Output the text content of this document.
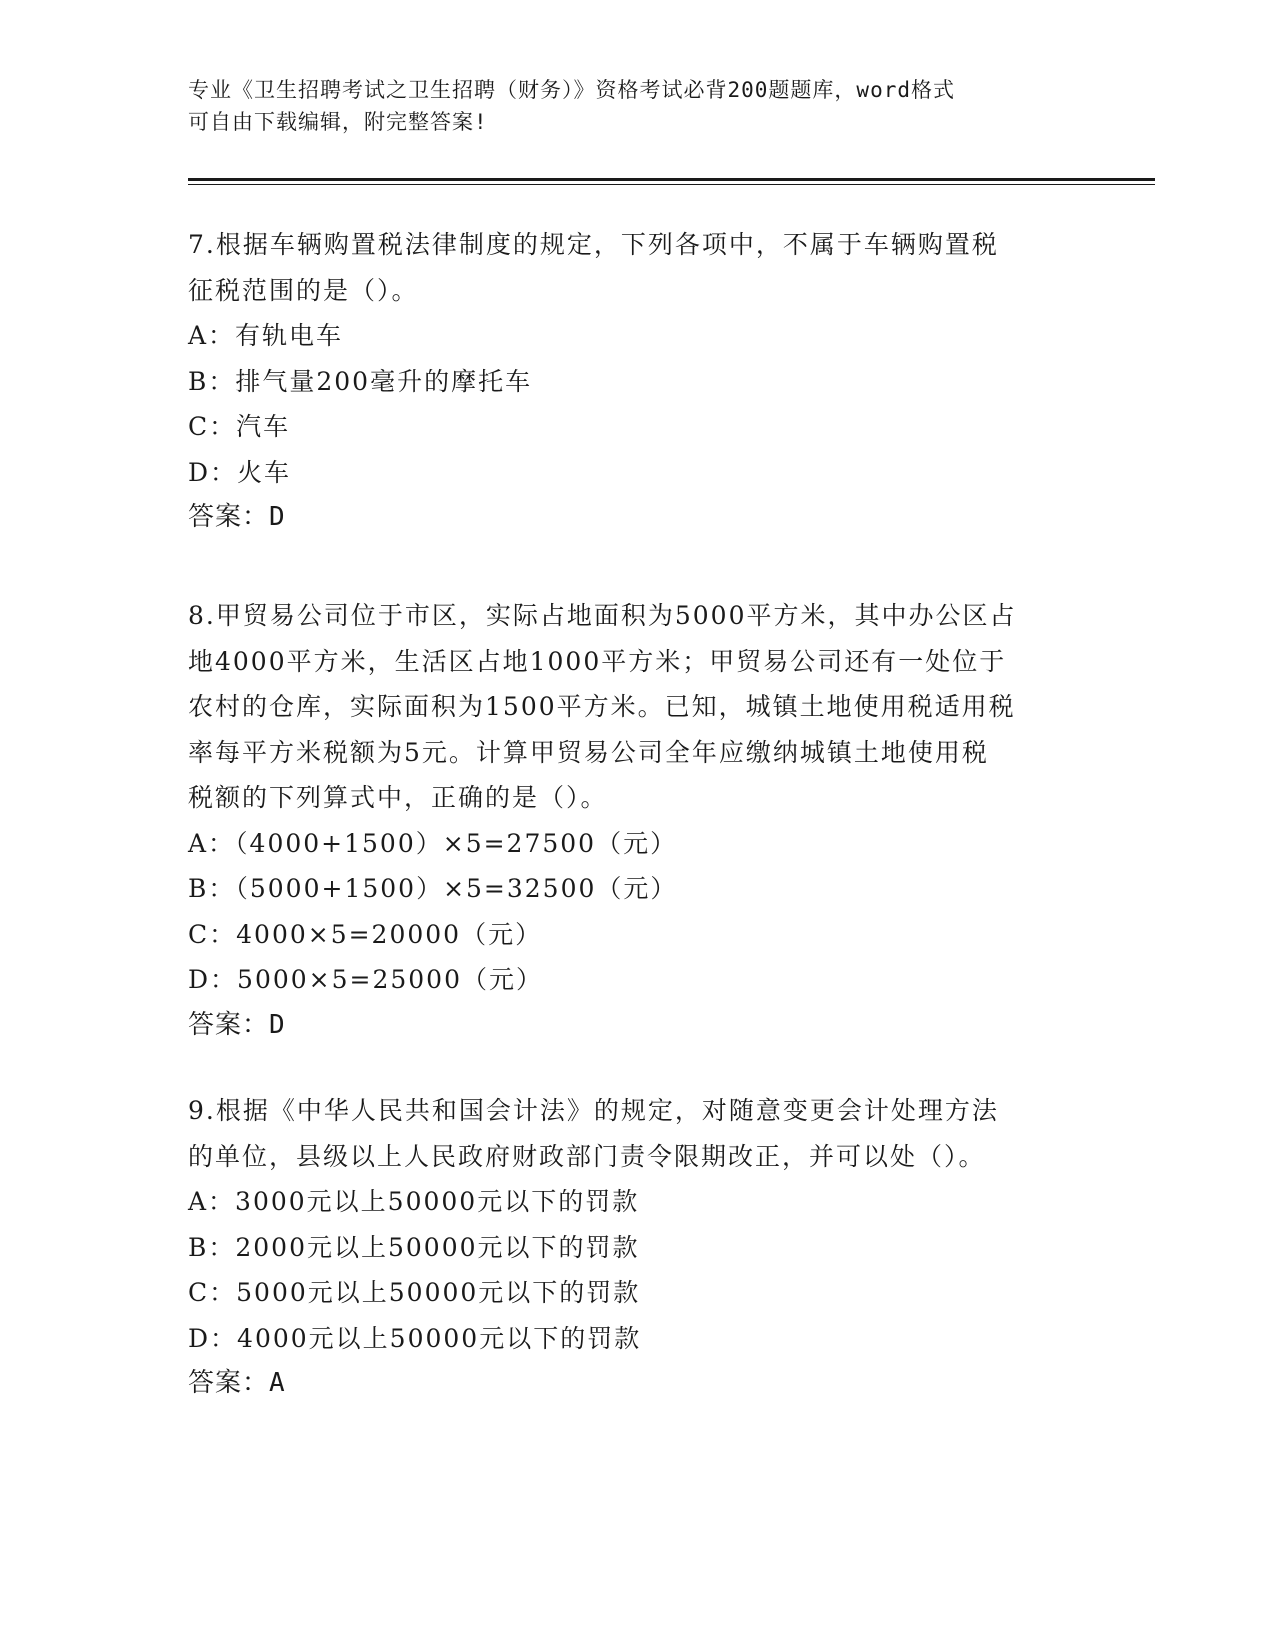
专业《卫生招聘考试之卫生招聘（财务）》资格考试必背200题题库，word格式
可自由下载编辑，附完整答案!
7.根据车辆购置税法律制度的规定，下列各项中，不属于车辆购置税
征税范围的是（）。
A：有轨电车
B：排气量200毫升的摩托车
C：汽车
D：火车
答案：D
8.甲贸易公司位于市区，实际占地面积为5000平方米，其中办公区占
地4000平方米，生活区占地1000平方米；甲贸易公司还有一处位于
农村的仓库，实际面积为1500平方米。已知，城镇土地使用税适用税
率每平方米税额为5元。计算甲贸易公司全年应缴纳城镇土地使用税
税额的下列算式中，正确的是（）。
A：（4000+1500）×5=27500（元）
B：（5000+1500）×5=32500（元）
C：4000×5=20000（元）
D：5000×5=25000（元）
答案：D
9.根据《中华人民共和国会计法》的规定，对随意变更会计处理方法
的单位，县级以上人民政府财政部门责令限期改正，并可以处（）。
A：3000元以上50000元以下的罚款
B：2000元以上50000元以下的罚款
C：5000元以上50000元以下的罚款
D：4000元以上50000元以下的罚款
答案：A
